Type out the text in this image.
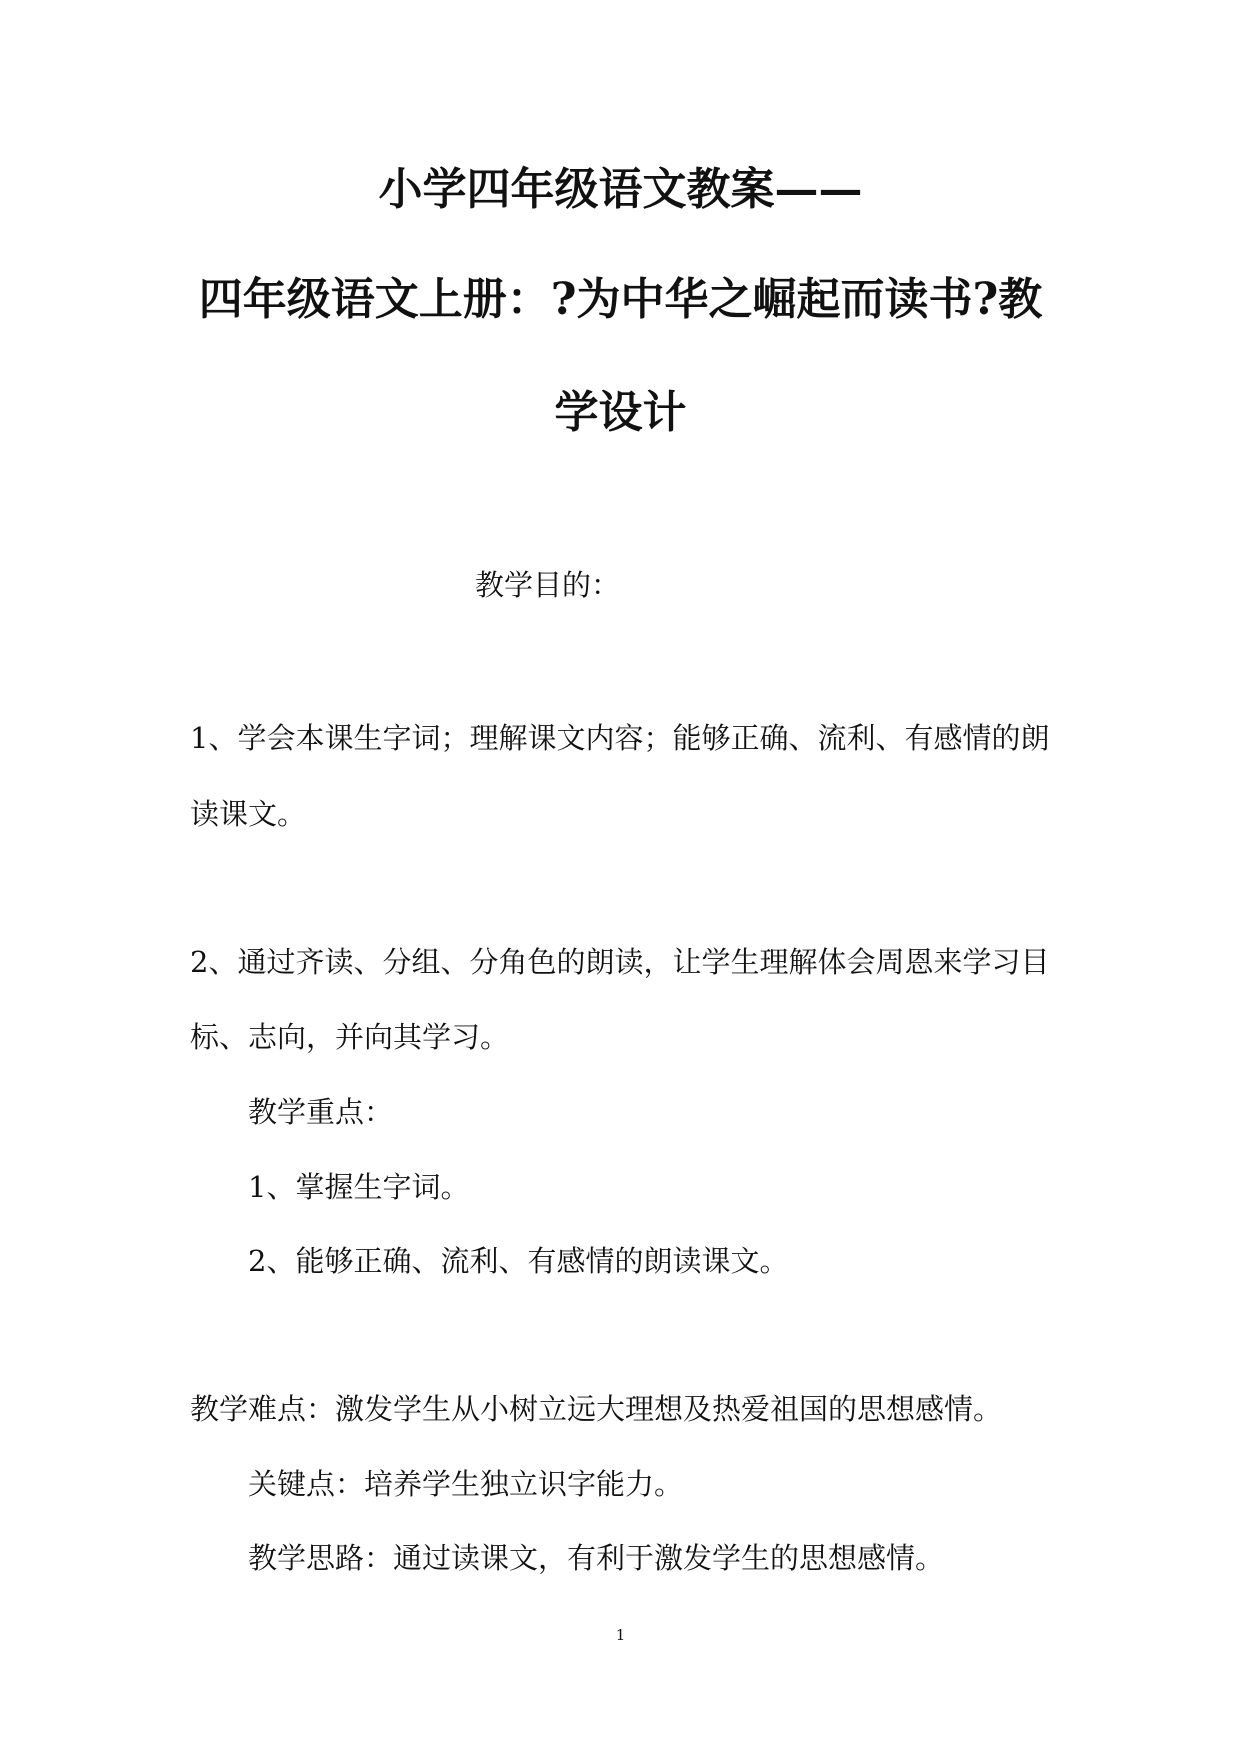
小学四年级语文教案——
四年级语文上册：?为中华之崛起而读书?教
学设计
教学目的：
1、学会本课生字词；理解课文内容；能够正确、流利、有感情的朗
读课文。
2、通过齐读、分组、分角色的朗读，让学生理解体会周恩来学习目
标、志向，并向其学习。
教学重点：
1、掌握生字词。
2、能够正确、流利、有感情的朗读课文。
教学难点：激发学生从小树立远大理想及热爱祖国的思想感情。
关键点：培养学生独立识字能力。
教学思路：通过读课文，有利于激发学生的思想感情。
1
